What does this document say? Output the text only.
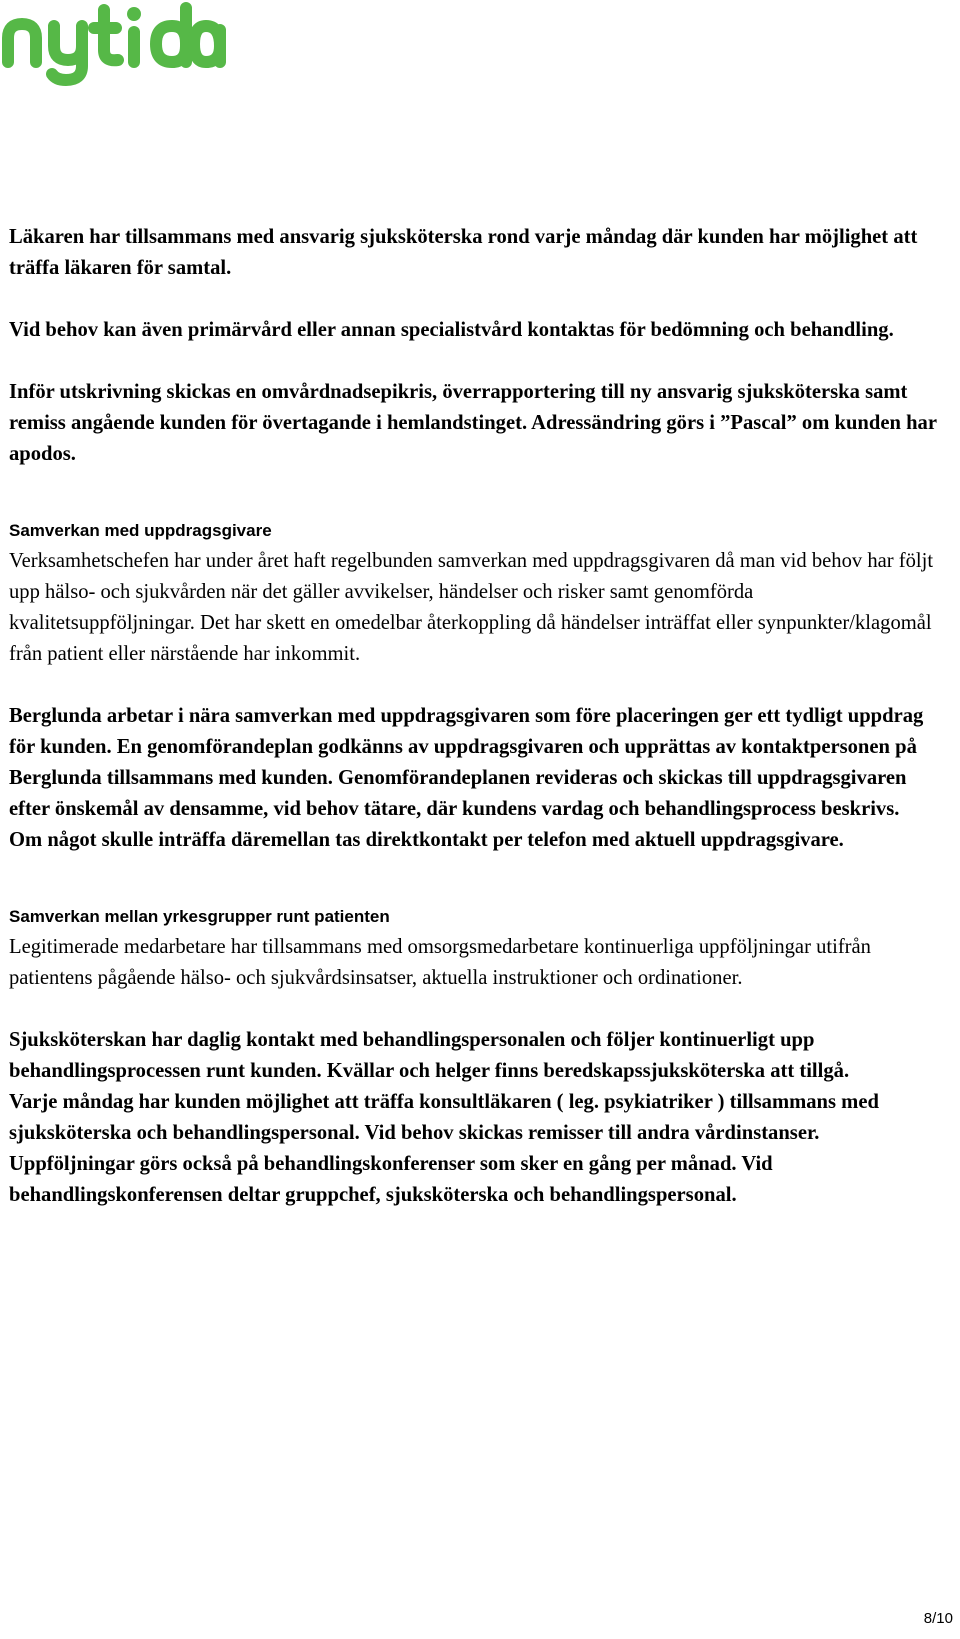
Läkaren har tillsammans med ansvarig sjuksköterska rond varje måndag där kunden har möjlighet att träffa läkaren för samtal.

Vid behov kan även primärvård eller annan specialistvård kontaktas för bedömning och behandling.

Inför utskrivning skickas en omvårdnadsepikris, överrapportering till ny ansvarig sjuksköterska samt remiss angående kunden för övertagande i hemlandstinget. Adressändring görs i ”Pascal” om kunden har apodos.

Samverkan med uppdragsgivare

Verksamhetschefen har under året haft regelbunden samverkan med uppdragsgivaren då man vid behov har följt upp hälso- och sjukvården när det gäller avvikelser, händelser och risker samt genomförda kvalitetsuppföljningar. Det har skett en omedelbar återkoppling då händelser inträffat eller synpunkter/klagomål från patient eller närstående har inkommit.

Berglunda arbetar i nära samverkan med uppdragsgivaren som före placeringen ger ett tydligt uppdrag för kunden. En genomförandeplan godkänns av uppdragsgivaren och upprättas av kontaktpersonen på Berglunda tillsammans med kunden. Genomförandeplanen revideras och skickas till uppdragsgivaren efter önskemål av densamme, vid behov tätare, där kundens vardag och behandlingsprocess beskrivs.

Om något skulle inträffa däremellan tas direktkontakt per telefon med aktuell uppdragsgivare.

Samverkan mellan yrkesgrupper runt patienten

Legitimerade medarbetare har tillsammans med omsorgsmedarbetare kontinuerliga uppföljningar utifrån patientens pågående hälso- och sjukvårdsinsatser, aktuella instruktioner och ordinationer.

Sjuksköterskan har daglig kontakt med behandlingspersonalen och följer kontinuerligt upp behandlingsprocessen runt kunden. Kvällar och helger finns beredskapssjuksköterska att tillgå.

Varje måndag har kunden möjlighet att träffa konsultläkaren ( leg. psykiatriker ) tillsammans med sjuksköterska och behandlingspersonal. Vid behov skickas remisser till andra vårdinstanser.

Uppföljningar görs också på behandlingskonferenser som sker en gång per månad. Vid behandlingskonferensen deltar gruppchef, sjuksköterska och behandlingspersonal.

8/10
